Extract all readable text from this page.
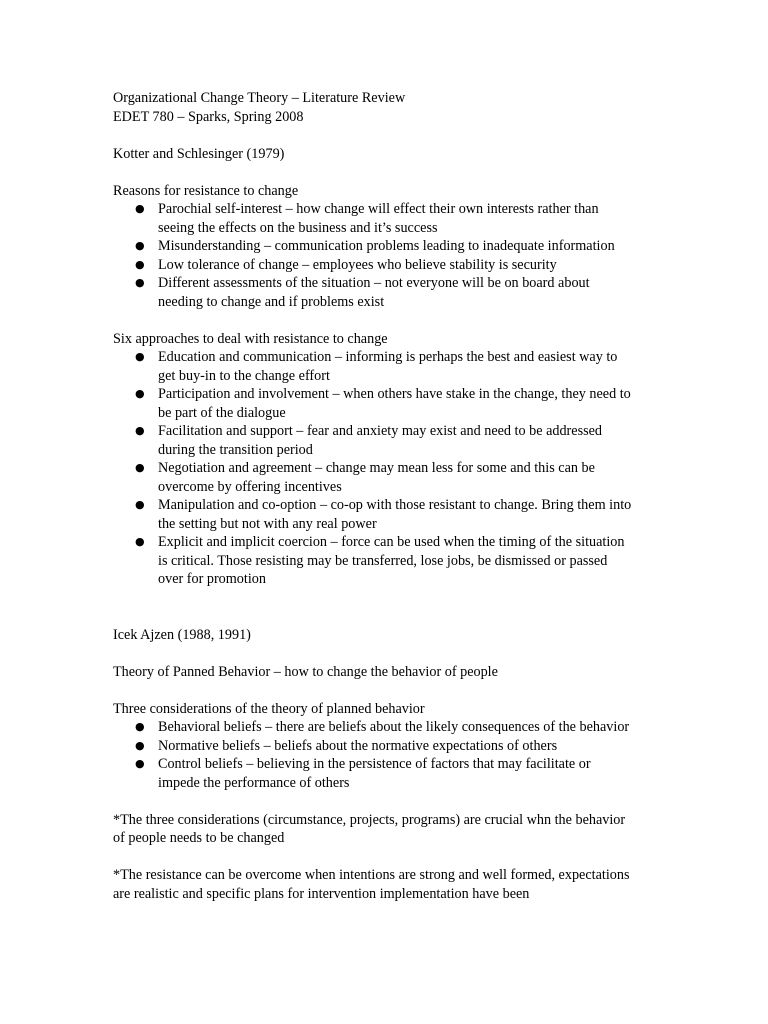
Organizational Change Theory – Literature Review

EDET 780 – Sparks, Spring 2008

Kotter and Schlesinger (1979)

Reasons for resistance to change

● Parochial self-interest – how change will effect their own interests rather than seeing the effects on the business and it’s success
● Misunderstanding – communication problems leading to inadequate information
● Low tolerance of change – employees who believe stability is security
● Different assessments of the situation – not everyone will be on board about needing to change and if problems exist

Six approaches to deal with resistance to change

● Education and communication – informing is perhaps the best and easiest way to get buy-in to the change effort
● Participation and involvement – when others have stake in the change, they need to be part of the dialogue
● Facilitation and support – fear and anxiety may exist and need to be addressed during the transition period
● Negotiation and agreement – change may mean less for some and this can be overcome by offering incentives
● Manipulation and co-option – co-op with those resistant to change. Bring them into the setting but not with any real power
● Explicit and implicit coercion – force can be used when the timing of the situation is critical. Those resisting may be transferred, lose jobs, be dismissed or passed over for promotion

Icek Ajzen (1988, 1991)

Theory of Panned Behavior – how to change the behavior of people

Three considerations of the theory of planned behavior

● Behavioral beliefs – there are beliefs about the likely consequences of the behavior
● Normative beliefs – beliefs about the normative expectations of others
● Control beliefs – believing in the persistence of factors that may facilitate or impede the performance of others

*The three considerations (circumstance, projects, programs) are crucial whn the behavior of people needs to be changed

*The resistance can be overcome when intentions are strong and well formed, expectations are realistic and specific plans for intervention implementation have been
